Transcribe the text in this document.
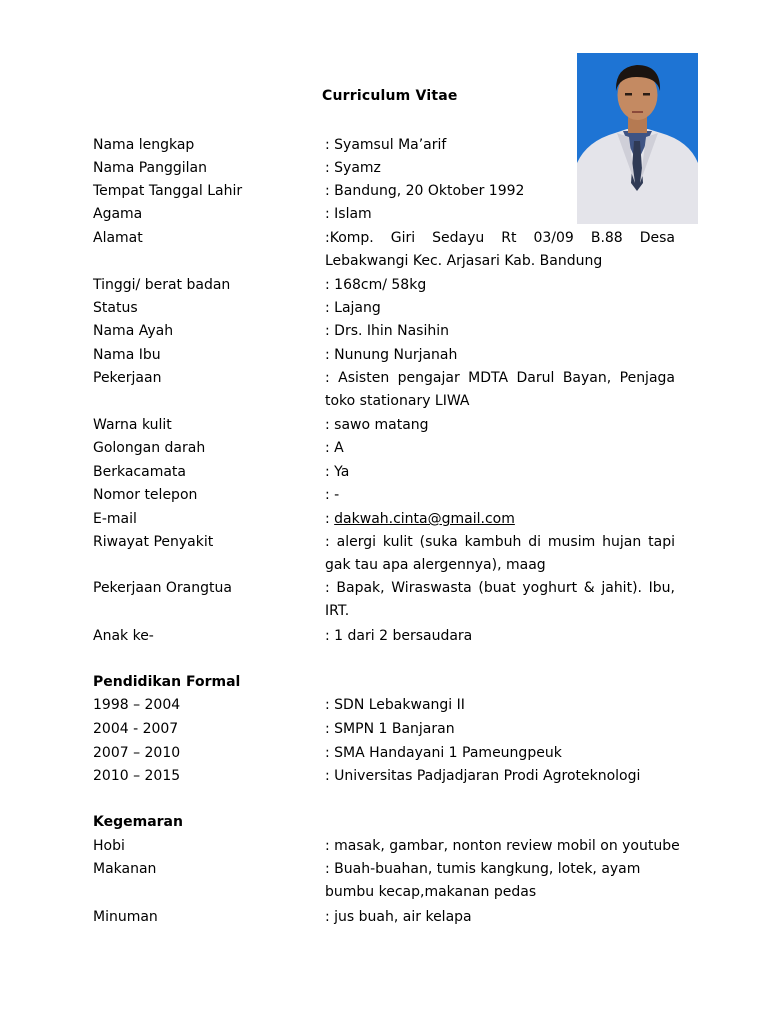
Curriculum Vitae
Nama lengkap	: Syamsul Ma’arif
Nama Panggilan	: Syamz
Tempat Tanggal Lahir	: Bandung, 20 Oktober 1992
Agama	: Islam
Alamat	:Komp. Giri Sedayu Rt 03/09 B.88 Desa Lebakwangi Kec. Arjasari Kab. Bandung
Tinggi/ berat badan	: 168cm/ 58kg
Status	: Lajang
Nama Ayah	: Drs. Ihin Nasihin
Nama Ibu	: Nunung Nurjanah
Pekerjaan	: Asisten pengajar MDTA Darul Bayan, Penjaga toko stationary LIWA
Warna kulit	: sawo matang
Golongan darah	: A
Berkacamata	: Ya
Nomor telepon	: -
E-mail	: dakwah.cinta@gmail.com
Riwayat Penyakit	: alergi kulit (suka kambuh di musim hujan tapi gak tau apa alergennya), maag
Pekerjaan Orangtua	: Bapak, Wiraswasta (buat yoghurt & jahit). Ibu, IRT.
Anak ke-	: 1 dari 2 bersaudara
Pendidikan Formal
1998 – 2004	: SDN Lebakwangi II
2004 - 2007	: SMPN 1 Banjaran
2007 – 2010	: SMA Handayani 1 Pameungpeuk
2010 – 2015	: Universitas Padjadjaran Prodi Agroteknologi
Kegemaran
Hobi	: masak, gambar, nonton review mobil on youtube
Makanan	: Buah-buahan, tumis kangkung, lotek, ayam bumbu kecap,makanan pedas
Minuman	: jus buah, air kelapa
